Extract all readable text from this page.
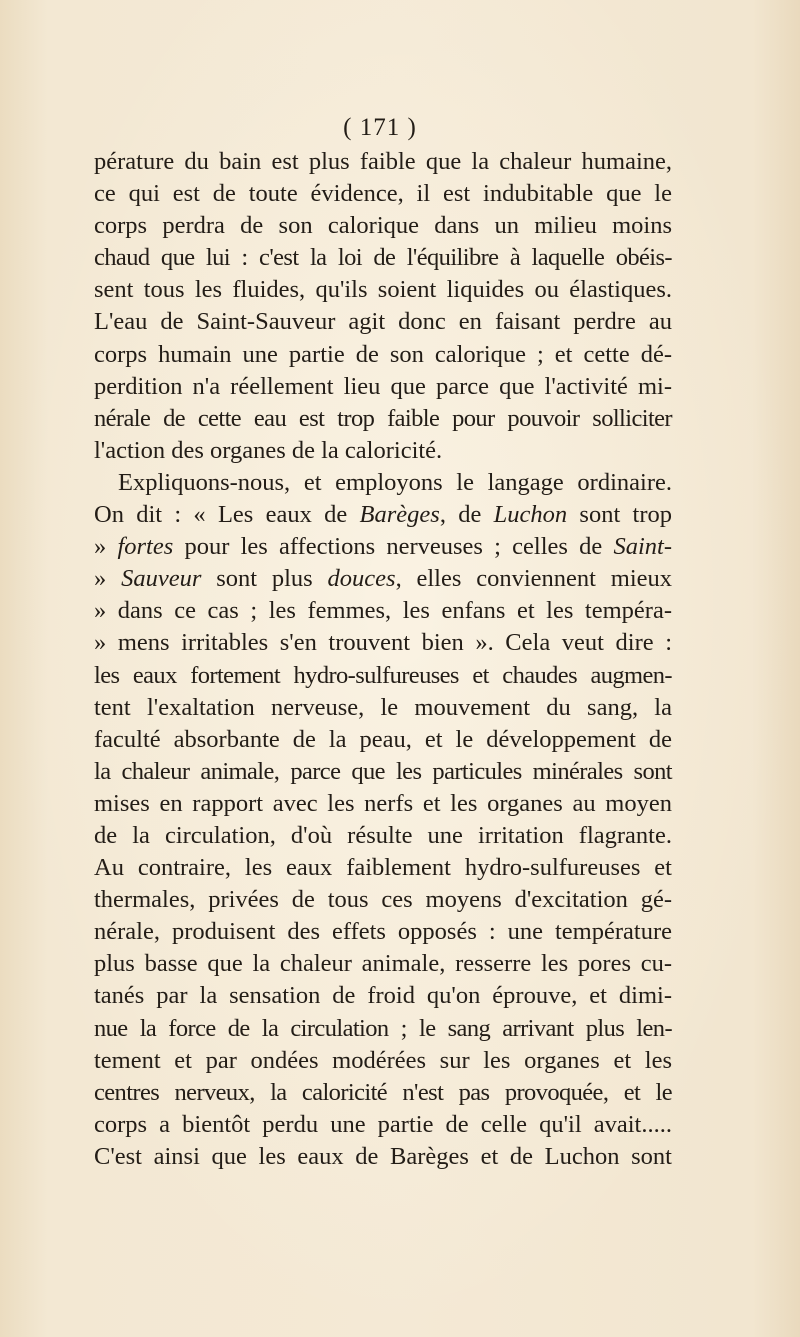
( 171 )
pérature du bain est plus faible que la chaleur humaine,
ce qui est de toute évidence, il est indubitable que le
corps perdra de son calorique dans un milieu moins
chaud que lui : c'est la loi de l'équilibre à laquelle obéis-
sent tous les fluides, qu'ils soient liquides ou élastiques.
L'eau de Saint-Sauveur agit donc en faisant perdre au
corps humain une partie de son calorique ; et cette dé-
perdition n'a réellement lieu que parce que l'activité mi-
nérale de cette eau est trop faible pour pouvoir solliciter
l'action des organes de la caloricité.
Expliquons-nous, et employons le langage ordinaire.
On dit : « Les eaux de Barèges, de Luchon sont trop
» fortes pour les affections nerveuses ; celles de Saint-
» Sauveur sont plus douces, elles conviennent mieux
» dans ce cas ; les femmes, les enfans et les tempéra-
» mens irritables s'en trouvent bien ». Cela veut dire :
les eaux fortement hydro-sulfureuses et chaudes augmen-
tent l'exaltation nerveuse, le mouvement du sang, la
faculté absorbante de la peau, et le développement de
la chaleur animale, parce que les particules minérales sont
mises en rapport avec les nerfs et les organes au moyen
de la circulation, d'où résulte une irritation flagrante.
Au contraire, les eaux faiblement hydro-sulfureuses et
thermales, privées de tous ces moyens d'excitation gé-
nérale, produisent des effets opposés : une température
plus basse que la chaleur animale, resserre les pores cu-
tanés par la sensation de froid qu'on éprouve, et dimi-
nue la force de la circulation ; le sang arrivant plus len-
tement et par ondées modérées sur les organes et les
centres nerveux, la caloricité n'est pas provoquée, et le
corps a bientôt perdu une partie de celle qu'il avait.....
C'est ainsi que les eaux de Barèges et de Luchon sont
